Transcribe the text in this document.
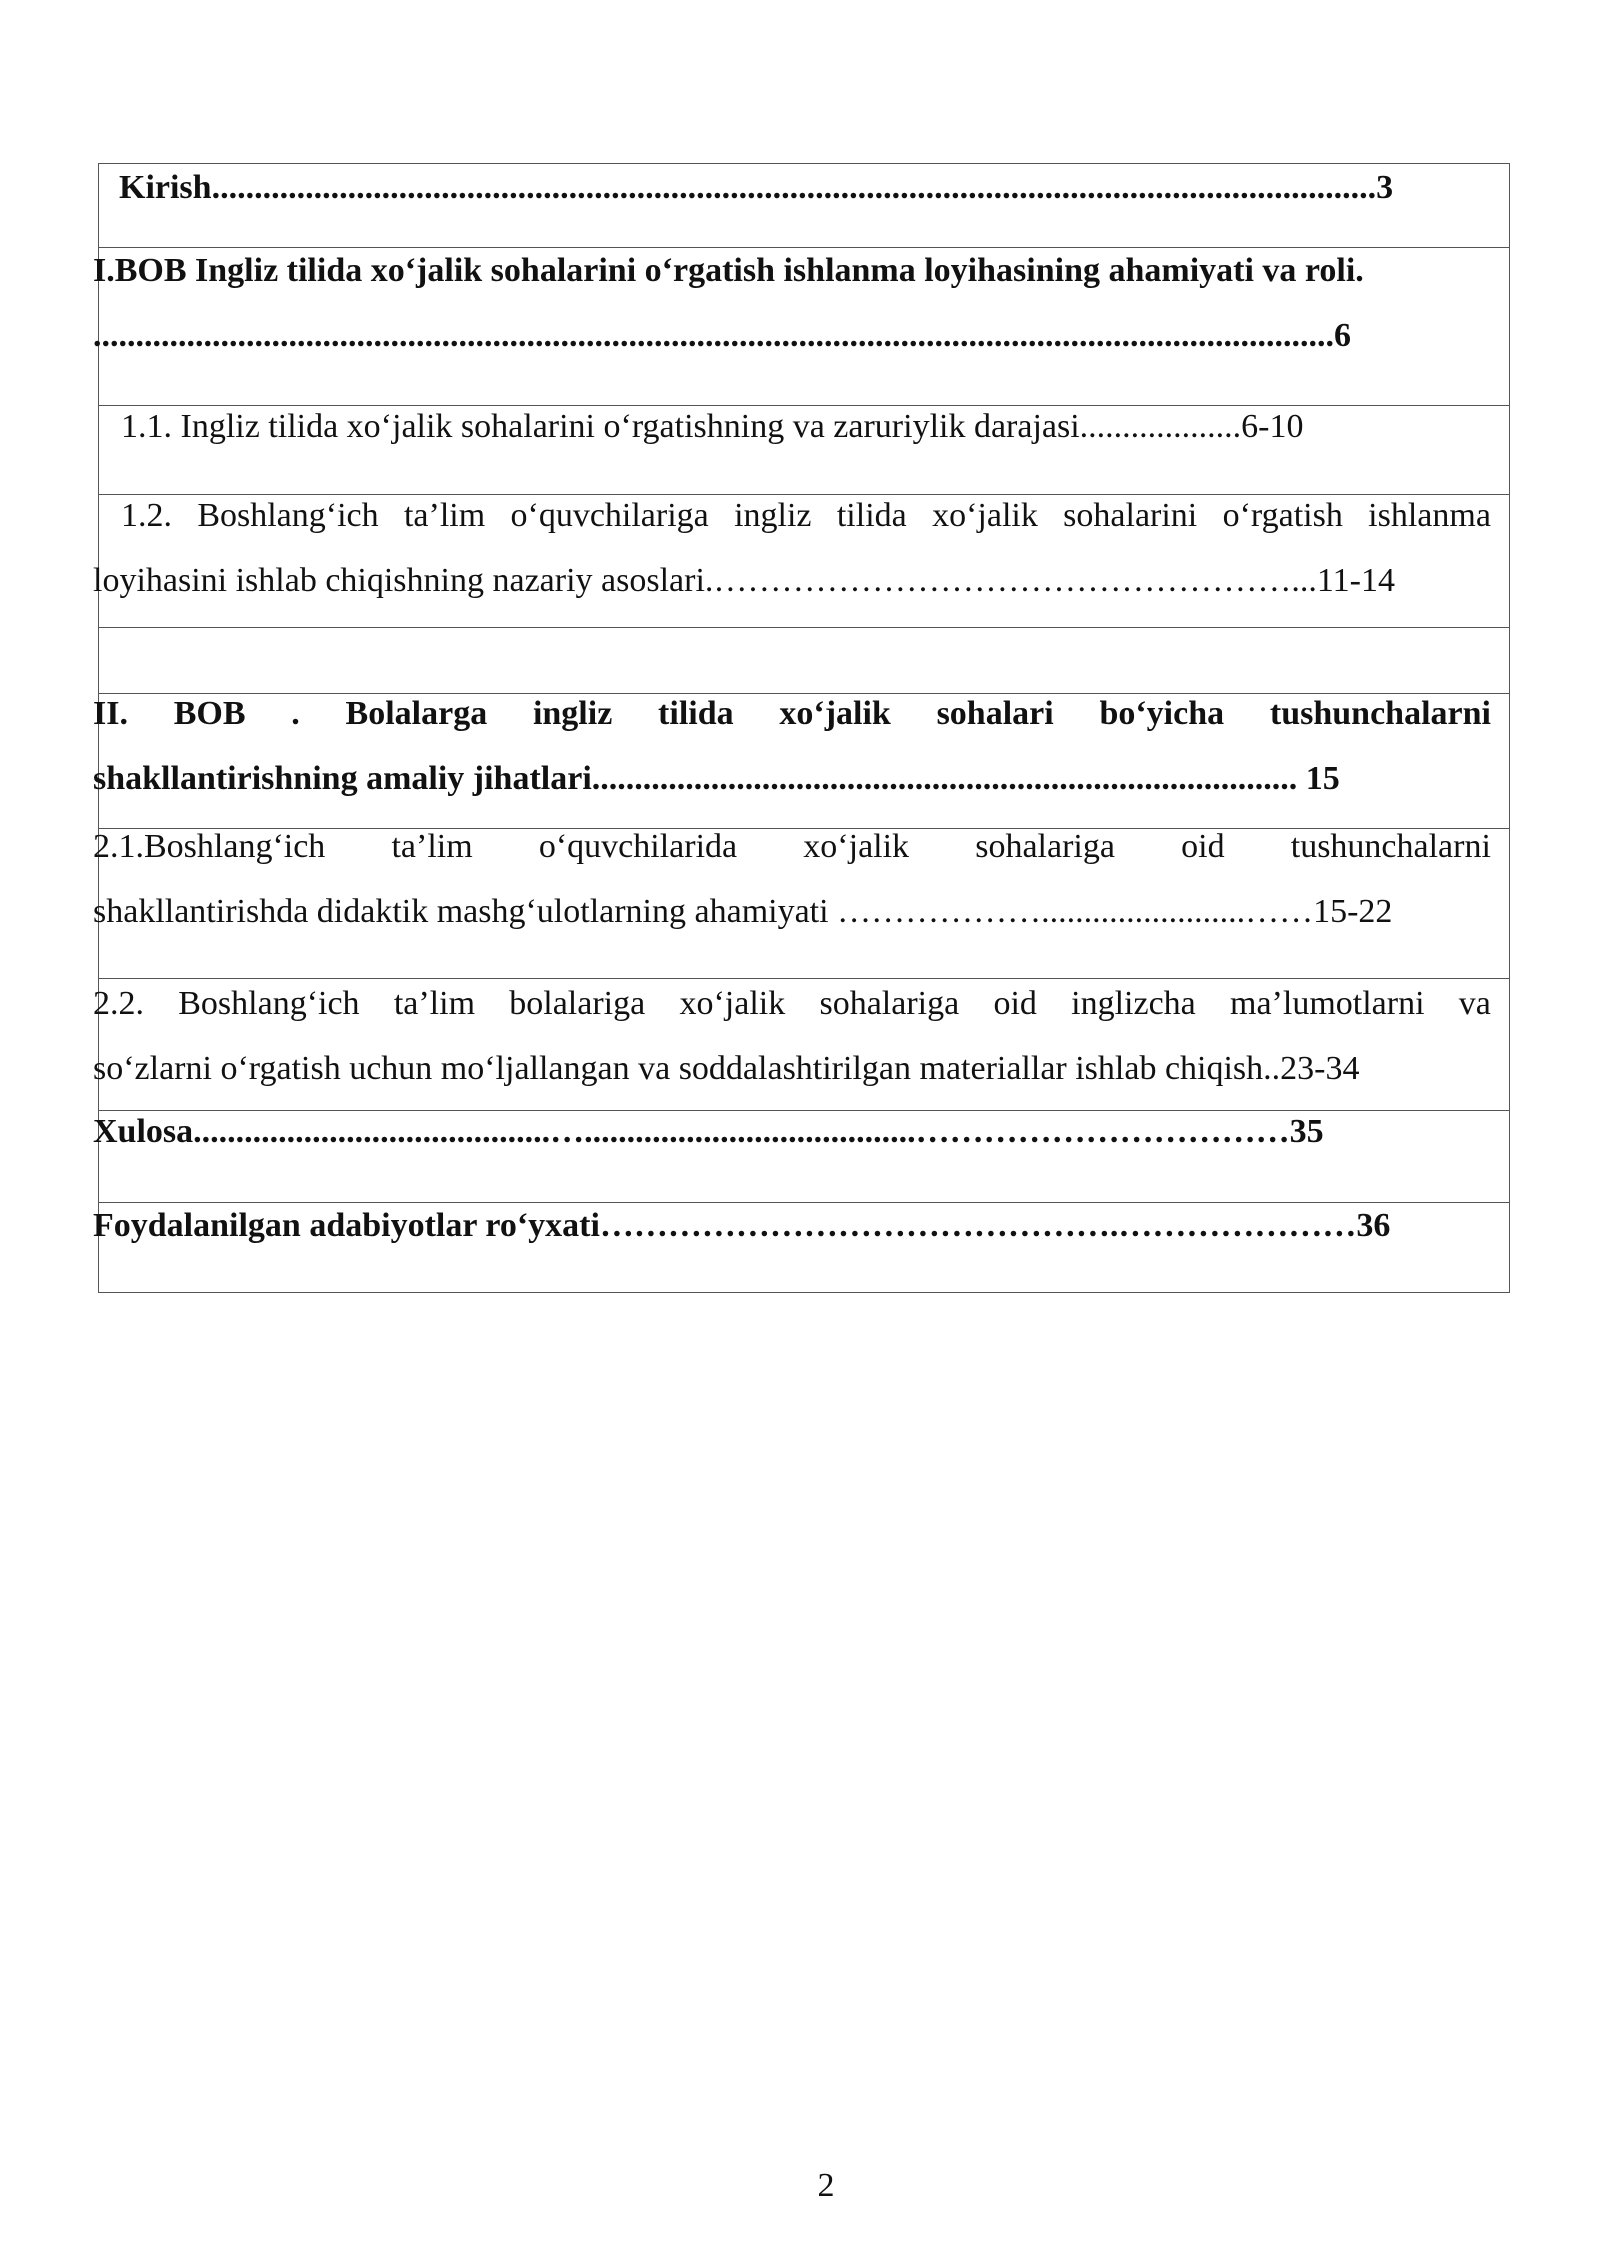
Kirish.........................................................................................................................................3
I.BOB Ingliz tilida xo‘jalik sohalarini o‘rgatish ishlanma loyihasining ahamiyati va roli.
..................................................................................................................................................6
1.1. Ingliz tilida xo‘jalik sohalarini o‘rgatishning va zaruriylik darajasi...................6-10
1.2. Boshlang‘ich ta’lim o‘quvchilariga ingliz tilida xo‘jalik sohalarini o‘rgatish ishlanma
loyihasini ishlab chiqishning nazariy asoslari.……………………………………………...11-14
II. BOB . Bolalarga ingliz tilida xo‘jalik sohalari bo‘yicha tushunchalarni
shakllantirishning amaliy jihatlari................................................................................... 15
2.1.Boshlang‘ich ta’lim o‘quvchilarida xo‘jalik sohalariga oid tushunchalarni
shakllantirishda didaktik mashg‘ulotlarning ahamiyati ………………........................……15-22
2.2. Boshlang‘ich ta’lim bolalariga xo‘jalik sohalariga oid inglizcha ma’lumotlarni va
so‘zlarni o‘rgatish uchun mo‘ljallangan va soddalashtirilgan materiallar ishlab chiqish..23-34
Xulosa..........................................….......................................……………………………35
Foydalanilgan adabiyotlar ro‘yxati……………………………………….…………………36
2
